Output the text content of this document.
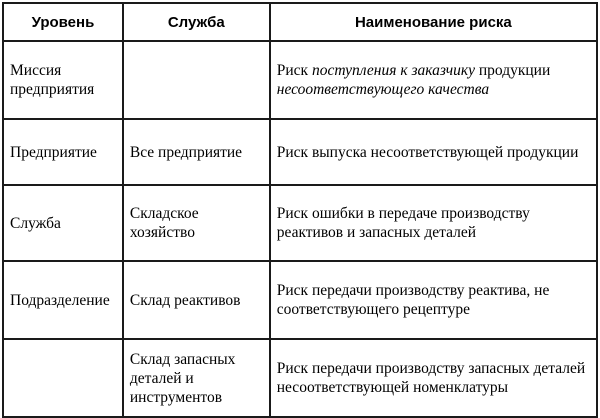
Уровень	Служба	Наименование риска
Миссия предприятия		Риск поступления к заказчику продукции несоответствующего качества
Предприятие	Все предприятие	Риск выпуска несоответствующей продукции
Служба	Складское хозяйство	Риск ошибки в передаче производству реактивов и запасных деталей
Подразделение	Склад реактивов	Риск передачи производству реактива, не соответствующего рецептуре
	Склад запасных деталей и инструментов	Риск передачи производству запасных деталей несоответствующей номенклатуры
